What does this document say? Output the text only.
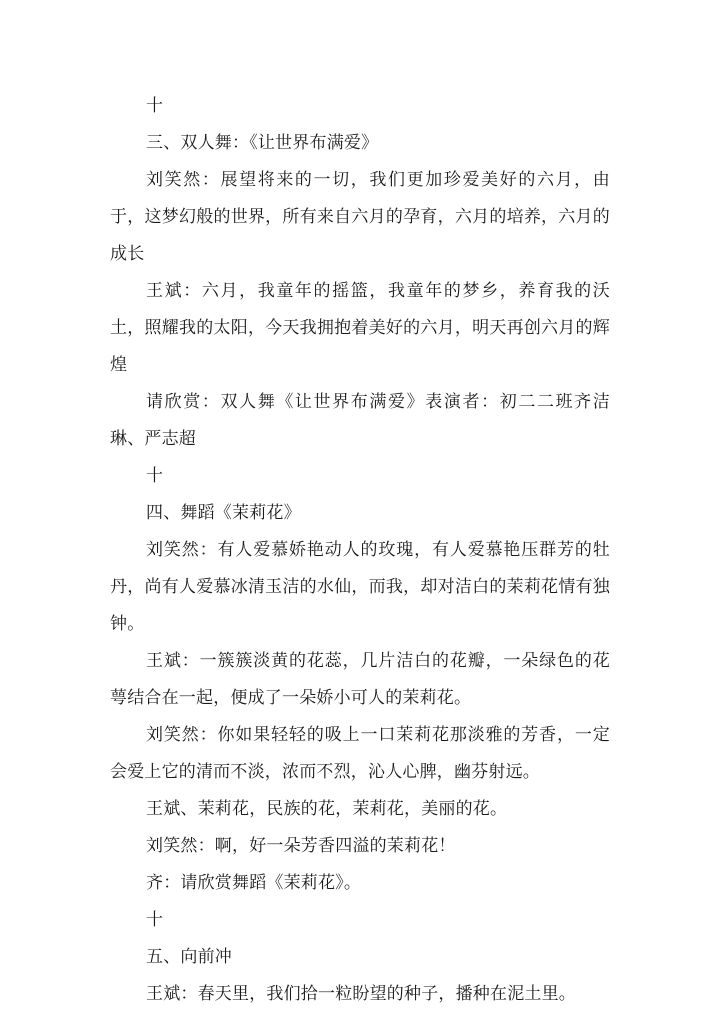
十

三、双人舞：《让世界布满爱》

刘笑然：展望将来的一切，我们更加珍爱美好的六月，由于，这梦幻般的世界，所有来自六月的孕育，六月的培养，六月的成长

王斌：六月，我童年的摇篮，我童年的梦乡，养育我的沃土，照耀我的太阳，今天我拥抱着美好的六月，明天再创六月的辉煌

请欣赏：双人舞《让世界布满爱》表演者：初二二班齐洁琳、严志超

十

四、舞蹈《茉莉花》

刘笑然：有人爱慕娇艳动人的玫瑰，有人爱慕艳压群芳的牡丹，尚有人爱慕冰清玉洁的水仙，而我，却对洁白的茉莉花情有独钟。

王斌：一簇簇淡黄的花蕊，几片洁白的花瓣，一朵绿色的花萼结合在一起，便成了一朵娇小可人的茉莉花。

刘笑然：你如果轻轻的吸上一口茉莉花那淡雅的芳香，一定会爱上它的清而不淡，浓而不烈，沁人心脾，幽芬射远。

王斌、茉莉花，民族的花，茉莉花，美丽的花。

刘笑然：啊，好一朵芳香四溢的茉莉花！

齐：请欣赏舞蹈《茉莉花》。

十

五、向前冲

王斌：春天里，我们拾一粒盼望的种子，播种在泥土里。
